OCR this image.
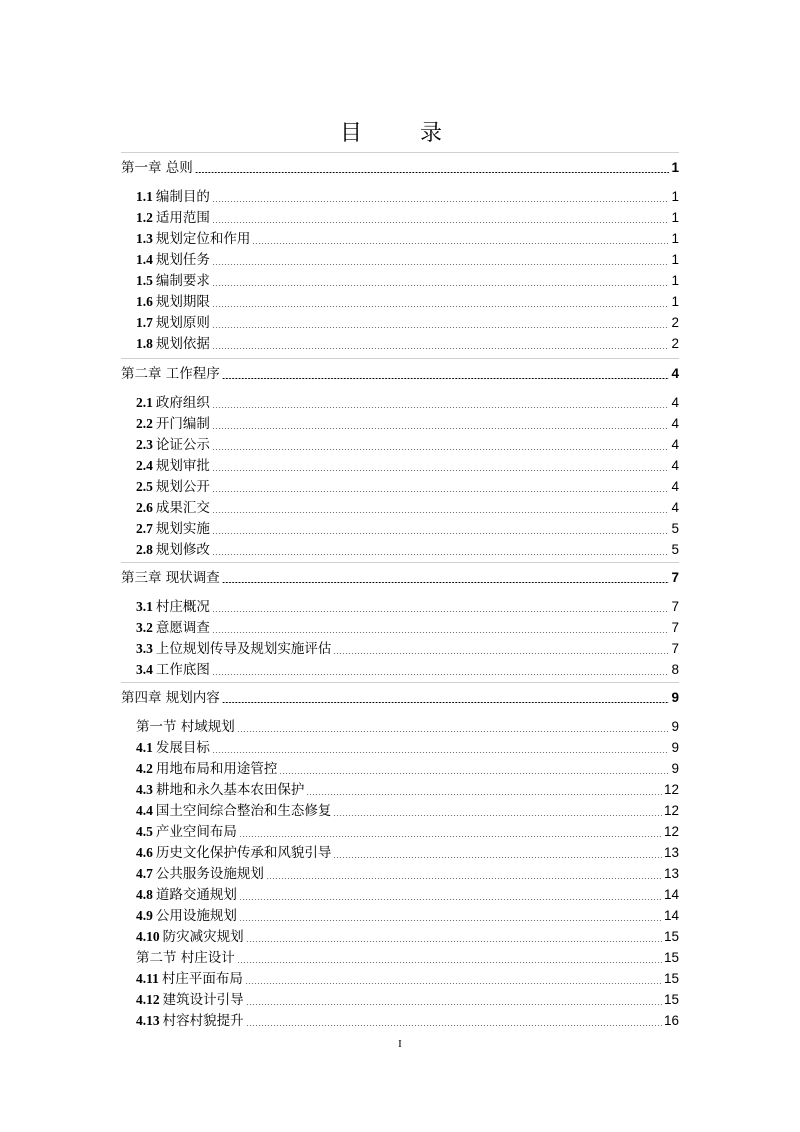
目　录
第一章 总则	1
1.1 编制目的	1
1.2 适用范围	1
1.3 规划定位和作用	1
1.4 规划任务	1
1.5 编制要求	1
1.6 规划期限	1
1.7 规划原则	2
1.8 规划依据	2
第二章 工作程序	4
2.1 政府组织	4
2.2 开门编制	4
2.3 论证公示	4
2.4 规划审批	4
2.5 规划公开	4
2.6 成果汇交	4
2.7 规划实施	5
2.8 规划修改	5
第三章 现状调查	7
3.1 村庄概况	7
3.2 意愿调查	7
3.3 上位规划传导及规划实施评估	7
3.4 工作底图	8
第四章 规划内容	9
第一节 村域规划	9
4.1 发展目标	9
4.2 用地布局和用途管控	9
4.3 耕地和永久基本农田保护	12
4.4 国土空间综合整治和生态修复	12
4.5 产业空间布局	12
4.6 历史文化保护传承和风貌引导	13
4.7 公共服务设施规划	13
4.8 道路交通规划	14
4.9 公用设施规划	14
4.10 防灾减灾规划	15
第二节 村庄设计	15
4.11 村庄平面布局	15
4.12 建筑设计引导	15
4.13 村容村貌提升	16
I
